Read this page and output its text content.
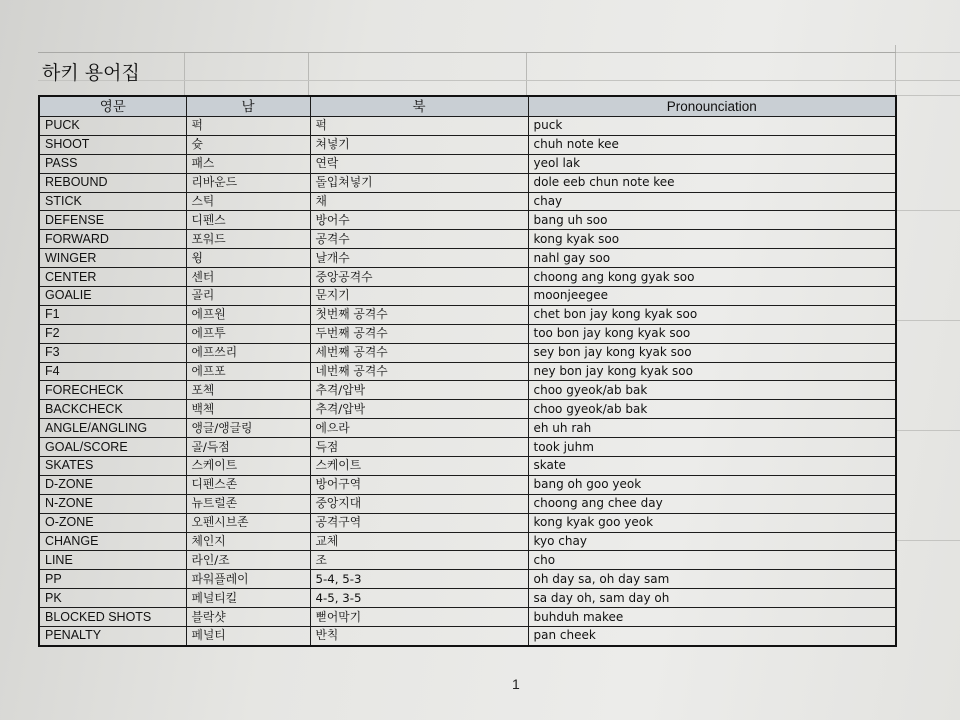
하키 용어집
영문	남	북	Pronounciation
PUCK	퍽	퍽	puck
SHOOT	슛	쳐넣기	chuh note kee
PASS	패스	연락	yeol lak
REBOUND	리바운드	돌입쳐넣기	dole eeb chun note kee
STICK	스틱	채	chay
DEFENSE	디펜스	방어수	bang uh soo
FORWARD	포워드	공격수	kong kyak soo
WINGER	윙	날개수	nahl gay soo
CENTER	센터	중앙공격수	choong ang kong gyak soo
GOALIE	골리	문지기	moonjeegee
F1	에프원	첫번째 공격수	chet bon jay kong kyak soo
F2	에프투	두번째 공격수	too bon jay kong kyak soo
F3	에프쓰리	세번째 공격수	sey bon jay kong kyak soo
F4	에프포	네번째 공격수	ney bon jay kong kyak soo
FORECHECK	포첵	추격/압박	choo gyeok/ab bak
BACKCHECK	백첵	추격/압박	choo gyeok/ab bak
ANGLE/ANGLING	앵글/앵글링	에으라	eh uh rah
GOAL/SCORE	골/득점	득점	took juhm
SKATES	스케이트	스케이트	skate
D-ZONE	디펜스존	방어구역	bang oh goo yeok
N-ZONE	뉴트럴존	중앙지대	choong ang chee day
O-ZONE	오펜시브존	공격구역	kong kyak goo yeok
CHANGE	체인지	교체	kyo chay
LINE	라인/조	조	cho
PP	파워플레이	5-4, 5-3	oh day sa, oh day sam
PK	페널티킬	4-5, 3-5	sa day oh, sam day oh
BLOCKED SHOTS	블락샷	뻗어막기	buhduh makee
PENALTY	페널티	반칙	pan cheek
1
